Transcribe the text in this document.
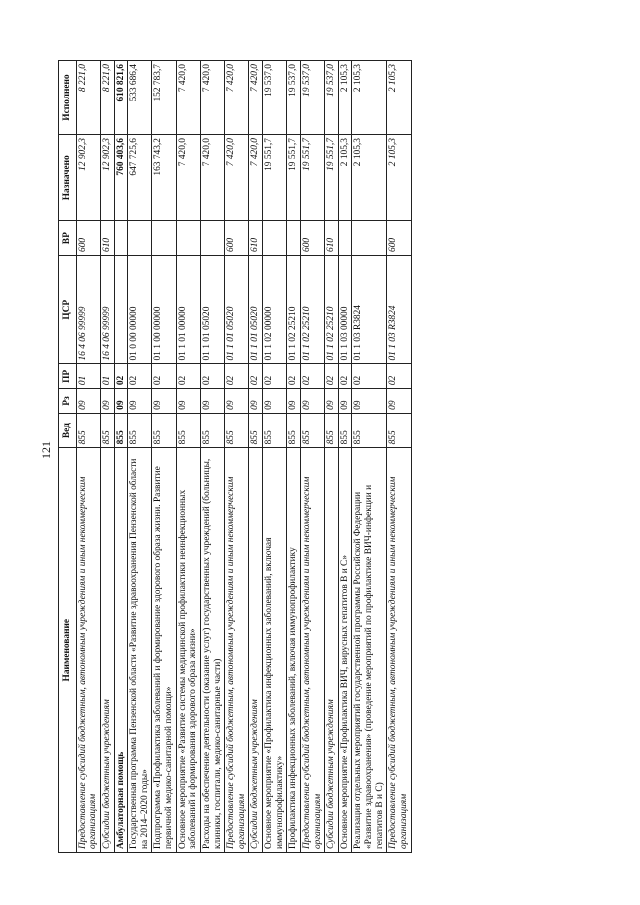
121
Наименование	Вед	Рз	ПР	ЦСР	ВР	Назначено	Исполнено
Предоставление субсидий бюджетным, автономным учреждениям и иным некоммерческим организациям	855	09	01	16 4 06 99999	600	12 902,3	8 221,0
Субсидии бюджетным учреждениям	855	09	01	16 4 06 99999	610	12 902,3	8 221,0
Амбулаторная помощь	855	09	02			760 403,6	610 821,6
Государственная программа Пензенской области «Развитие здравоохранения Пензенской области на 2014–2020 годы»	855	09	02	01 0 00 00000		647 725,6	533 686,4
Подпрограмма «Профилактика заболеваний и формирование здорового образа жизни. Развитие первичной медико-санитарной помощи»	855	09	02	01 1 00 00000		163 743,2	152 783,7
Основное мероприятие «Развитие системы медицинской профилактики неинфекционных заболеваний и формирования здорового образа жизни»	855	09	02	01 1 01 00000		7 420,0	7 420,0
Расходы на обеспечение деятельности (оказание услуг) государственных учреждений (больницы, клиники, госпитали, медико-санитарные части)	855	09	02	01 1 01 05020		7 420,0	7 420,0
Предоставление субсидий бюджетным, автономным учреждениям и иным некоммерческим организациям	855	09	02	01 1 01 05020	600	7 420,0	7 420,0
Субсидии бюджетным учреждениям	855	09	02	01 1 01 05020	610	7 420,0	7 420,0
Основное мероприятие «Профилактика инфекционных заболеваний, включая иммунопрофилактику»	855	09	02	01 1 02 00000		19 551,7	19 537,0
Профилактика инфекционных заболеваний, включая иммунопрофилактику	855	09	02	01 1 02 25210		19 551,7	19 537,0
Предоставление субсидий бюджетным, автономным учреждениям и иным некоммерческим организациям	855	09	02	01 1 02 25210	600	19 551,7	19 537,0
Субсидии бюджетным учреждениям	855	09	02	01 1 02 25210	610	19 551,7	19 537,0
Основное мероприятие «Профилактика ВИЧ, вирусных гепатитов В и С»	855	09	02	01 1 03 00000		2 105,3	2 105,3
Реализация отдельных мероприятий государственной программы Российской Федерации «Развитие здравоохранения» (проведение мероприятий по профилактике ВИЧ-инфекции и гепатитов В и С)	855	09	02	01 1 03 R3824		2 105,3	2 105,3
Предоставление субсидий бюджетным, автономным учреждениям и иным некоммерческим организациям	855	09	02	01 1 03 R3824	600	2 105,3	2 105,3
